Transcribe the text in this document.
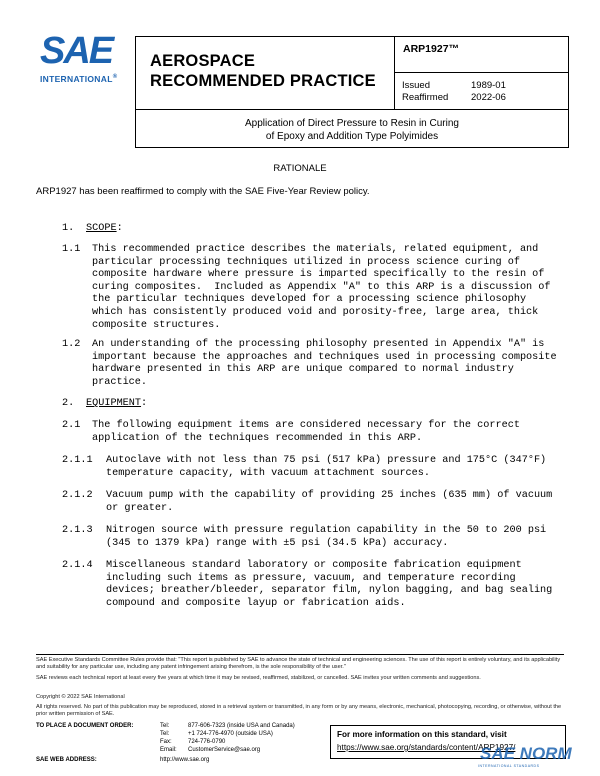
SAE
INTERNATIONAL®
AEROSPACE
RECOMMENDED PRACTICE
ARP1927™
Issued	1989-01
Reaffirmed 2022-06
Application of Direct Pressure to Resin in Curing
of Epoxy and Addition Type Polyimides
RATIONALE
ARP1927 has been reaffirmed to comply with the SAE Five-Year Review policy.
1. SCOPE:
1.1 This recommended practice describes the materials, related equipment, and
particular processing techniques utilized in process science curing of
composite hardware where pressure is imparted specifically to the resin of
curing composites.  Included as Appendix "A" to this ARP is a discussion of
the particular techniques developed for a processing science philosophy
which has consistently produced void and porosity-free, large area, thick
composite structures.
1.2 An understanding of the processing philosophy presented in Appendix "A" is
important because the approaches and techniques used in processing composite
hardware presented in this ARP are unique compared to normal industry
practice.
2. EQUIPMENT:
2.1 The following equipment items are considered necessary for the correct
application of the techniques recommended in this ARP.
2.1.1 Autoclave with not less than 75 psi (517 kPa) pressure and 175°C (347°F)
temperature capacity, with vacuum attachment sources.
2.1.2 Vacuum pump with the capability of providing 25 inches (635 mm) of vacuum
or greater.
2.1.3 Nitrogen source with pressure regulation capability in the 50 to 200 psi
(345 to 1379 kPa) range with ±5 psi (34.5 kPa) accuracy.
2.1.4 Miscellaneous standard laboratory or composite fabrication equipment
including such items as pressure, vacuum, and temperature recording
devices; breather/bleeder, separator film, nylon bagging, and bag sealing
compound and composite layup or fabrication aids.
SAE Executive Standards Committee Rules provide that: "This report is published by SAE to advance the state of technical and engineering sciences. The use of this report is entirely voluntary, and its applicability and suitability for any particular use, including any patent infringement arising therefrom, is the sole responsibility of the user."
SAE reviews each technical report at least every five years at which time it may be revised, reaffirmed, stabilized, or cancelled. SAE invites your written comments and suggestions.
Copyright © 2022 SAE International
All rights reserved. No part of this publication may be reproduced, stored in a retrieval system or transmitted, in any form or by any means, electronic, mechanical, photocopying, recording, or otherwise, without the prior written permission of SAE.
TO PLACE A DOCUMENT ORDER:	Tel:	877-606-7323 (inside USA and Canada)
Tel:	+1 724-776-4970 (outside USA)
Fax:	724-776-0790
Email: CustomerService@sae.org
SAE WEB ADDRESS:	http://www.sae.org
For more information on this standard, visit
https://www.sae.org/standards/content/ARP1927/
SAE NORM
INTERNATIONAL STANDARDS
